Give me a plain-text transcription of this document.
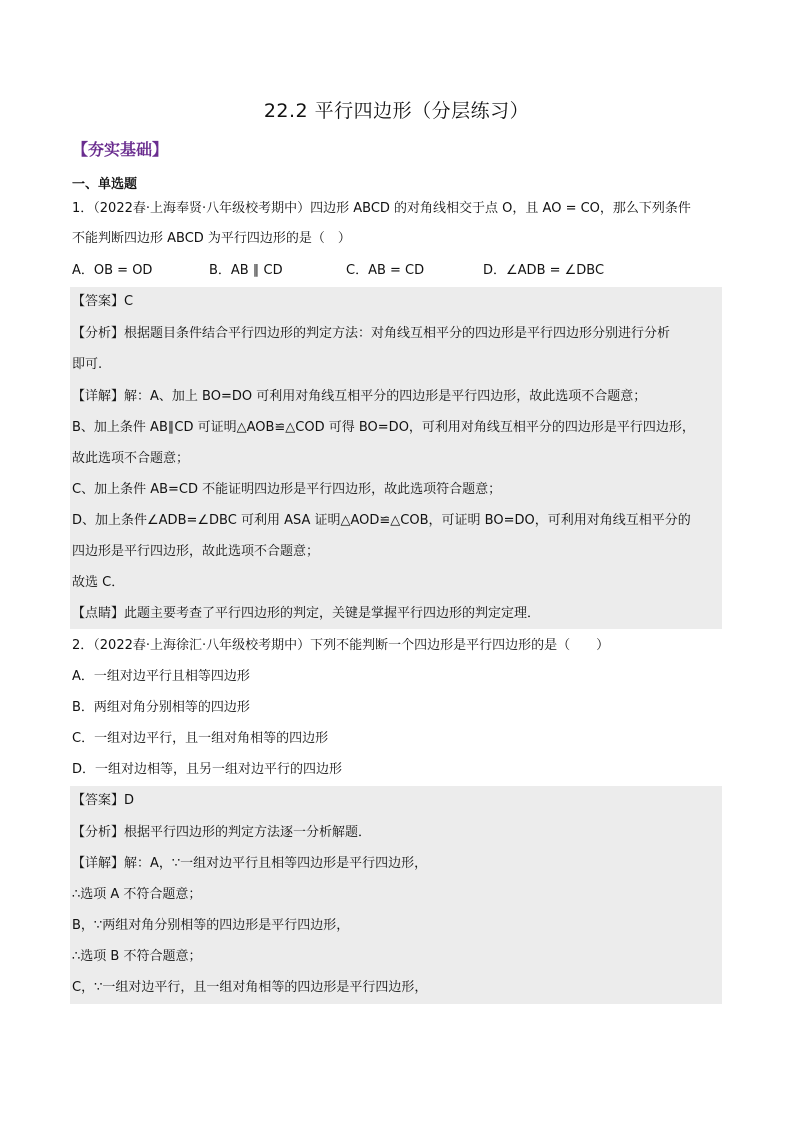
22.2 平行四边形（分层练习）
【夯实基础】
一、单选题
1．（2022春·上海奉贤·八年级校考期中）四边形 ABCD 的对角线相交于点 O，且 AO = CO，那么下列条件
不能判断四边形 ABCD 为平行四边形的是（　）
A．OB = OD	B．AB ∥ CD	C．AB = CD	D．∠ADB = ∠DBC
【答案】C
【分析】根据题目条件结合平行四边形的判定方法：对角线互相平分的四边形是平行四边形分别进行分析
即可.
【详解】解：A、加上 BO=DO 可利用对角线互相平分的四边形是平行四边形，故此选项不合题意；
B、加上条件 AB∥CD 可证明△AOB≌△COD 可得 BO=DO，可利用对角线互相平分的四边形是平行四边形，
故此选项不合题意；
C、加上条件 AB=CD 不能证明四边形是平行四边形，故此选项符合题意；
D、加上条件∠ADB=∠DBC 可利用 ASA 证明△AOD≌△COB，可证明 BO=DO，可利用对角线互相平分的
四边形是平行四边形，故此选项不合题意；
故选 C．
【点睛】此题主要考查了平行四边形的判定，关键是掌握平行四边形的判定定理．
2．（2022春·上海徐汇·八年级校考期中）下列不能判断一个四边形是平行四边形的是（　　）
A．一组对边平行且相等四边形
B．两组对角分别相等的四边形
C．一组对边平行，且一组对角相等的四边形
D．一组对边相等，且另一组对边平行的四边形
【答案】D
【分析】根据平行四边形的判定方法逐一分析解题．
【详解】解：A，∵一组对边平行且相等四边形是平行四边形，
∴选项 A 不符合题意；
B，∵两组对角分别相等的四边形是平行四边形，
∴选项 B 不符合题意；
C，∵一组对边平行，且一组对角相等的四边形是平行四边形，
